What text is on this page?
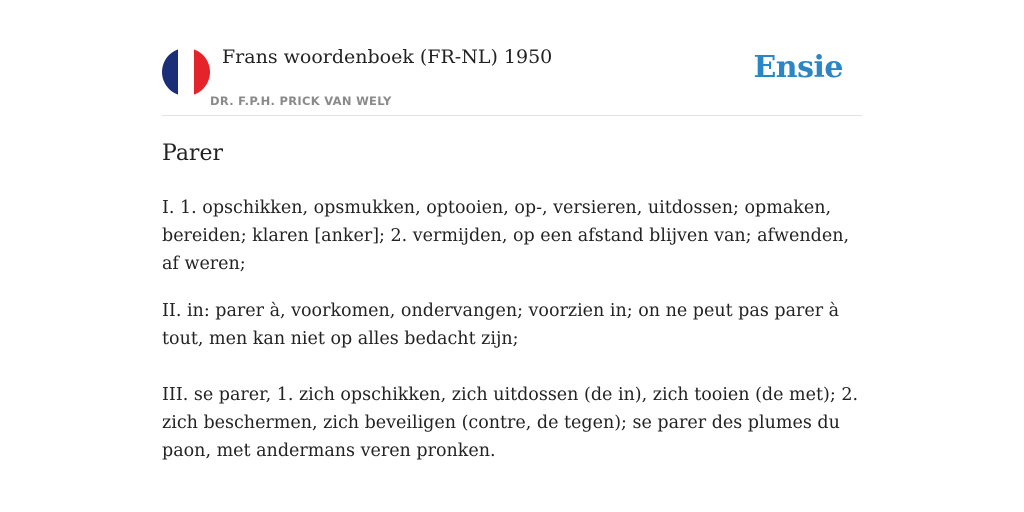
Frans woordenboek (FR-NL) 1950
DR. F.P.H. PRICK VAN WELY
Ensie
Parer

I. 1. opschikken, opsmukken, optooien, op-, versieren, uitdossen; opmaken, bereiden; klaren [anker]; 2. vermijden, op een afstand blijven van; afwenden, af weren;

II. in: parer à, voorkomen, ondervangen; voorzien in; on ne peut pas parer à tout, men kan niet op alles bedacht zijn;

III. se parer, 1. zich opschikken, zich uitdossen (de in), zich tooien (de met); 2. zich beschermen, zich beveiligen (contre, de tegen); se parer des plumes du paon, met andermans veren pronken.
